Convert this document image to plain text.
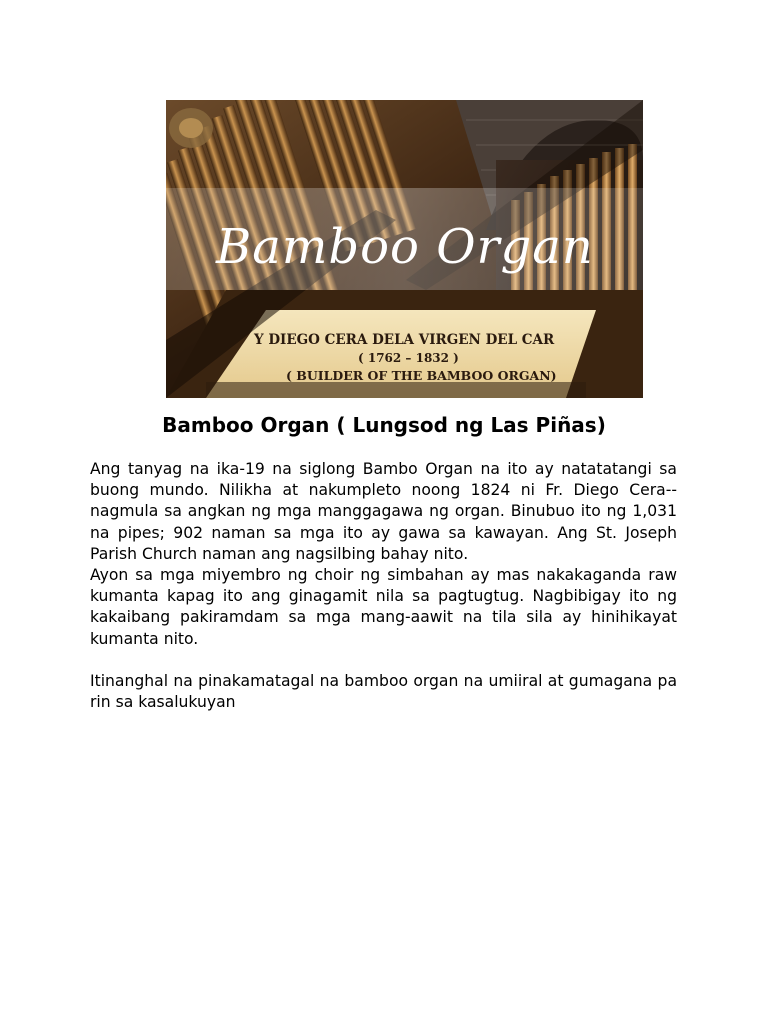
Bamboo Organ
Y DIEGO CERA DELA VIRGEN DEL CAR
( 1762 – 1832 )
( BUILDER OF THE BAMBOO ORGAN)
Bamboo Organ ( Lungsod ng Las Piñas)

Ang tanyag na ika-19 na siglong Bambo Organ na ito ay natatatangi sa buong mundo. Nilikha at nakumpleto noong 1824 ni Fr. Diego Cera-- nagmula sa angkan ng mga manggagawa ng organ. Binubuo ito ng 1,031 na pipes; 902 naman sa mga ito ay gawa sa kawayan. Ang St. Joseph Parish Church naman ang nagsilbing bahay nito.

Ayon sa mga miyembro ng choir ng simbahan ay mas nakakaganda raw kumanta kapag ito ang ginagamit nila sa pagtugtug. Nagbibigay ito ng kakaibang pakiramdam sa mga mang-aawit na tila sila ay hinihikayat kumanta nito.

Itinanghal na pinakamatagal na bamboo organ na umiiral at gumagana pa rin sa kasalukuyan
